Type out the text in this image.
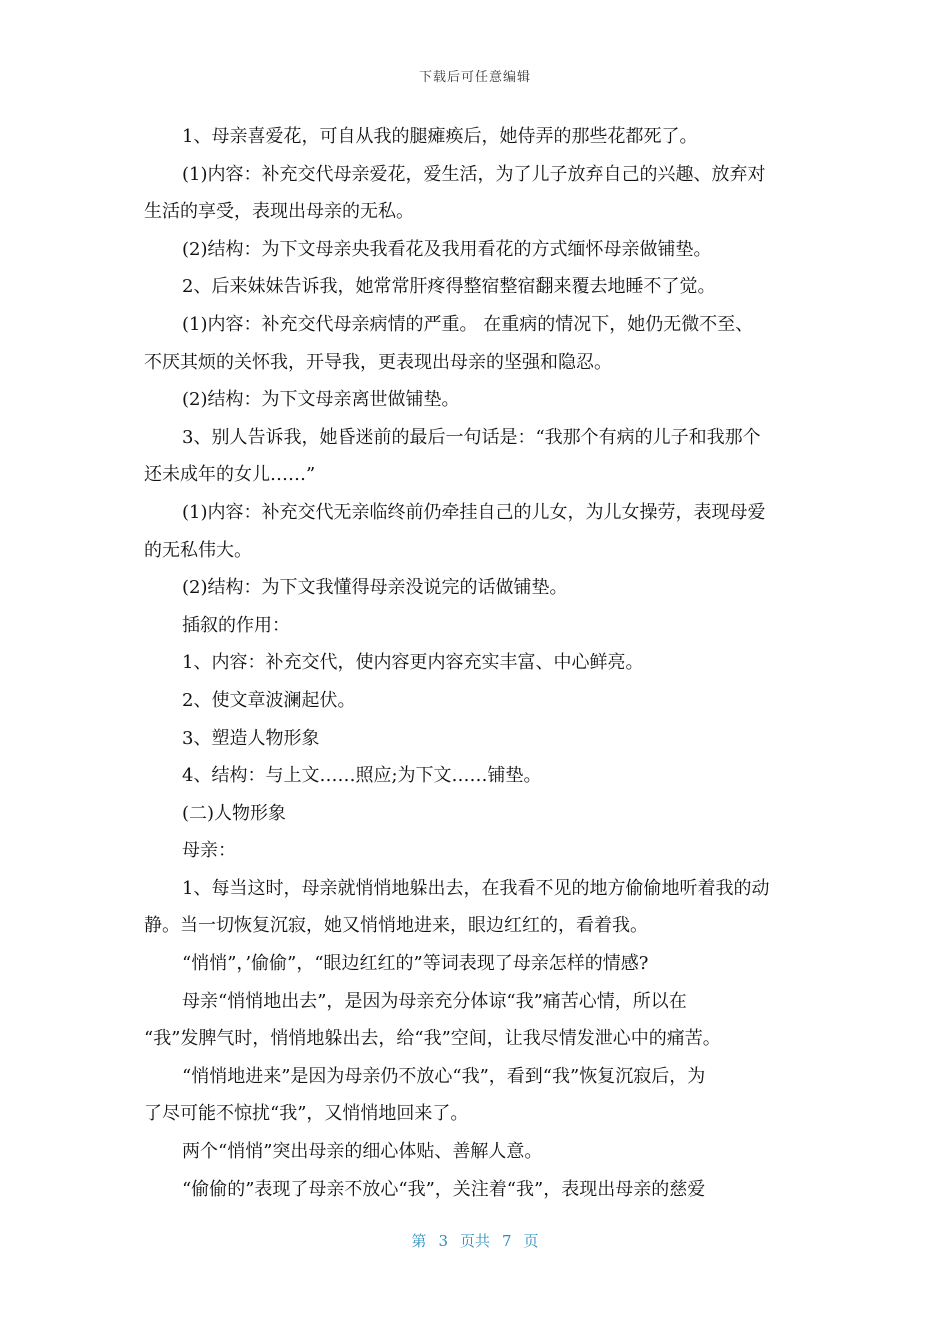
下载后可任意编辑
1、母亲喜爱花，可自从我的腿瘫痪后，她侍弄的那些花都死了。
(1)内容：补充交代母亲爱花，爱生活，为了儿子放弃自己的兴趣、放弃对
生活的享受，表现出母亲的无私。
(2)结构：为下文母亲央我看花及我用看花的方式缅怀母亲做铺垫。
2、后来妹妹告诉我，她常常肝疼得整宿整宿翻来覆去地睡不了觉。
(1)内容：补充交代母亲病情的严重。 在重病的情况下，她仍无微不至、
不厌其烦的关怀我，开导我，更表现出母亲的坚强和隐忍。
(2)结构：为下文母亲离世做铺垫。
3、别人告诉我，她昏迷前的最后一句话是：“我那个有病的儿子和我那个
还未成年的女儿……”
(1)内容：补充交代无亲临终前仍牵挂自己的儿女，为儿女操劳，表现母爱
的无私伟大。
(2)结构：为下文我懂得母亲没说完的话做铺垫。
插叙的作用：
1、内容：补充交代，使内容更内容充实丰富、中心鲜亮。
2、使文章波澜起伏。
3、塑造人物形象
4、结构：与上文……照应;为下文……铺垫。
(二)人物形象
母亲：
1、每当这时，母亲就悄悄地躲出去，在我看不见的地方偷偷地听着我的动
静。当一切恢复沉寂，她又悄悄地进来，眼边红红的，看着我。
“悄悄”，’偷偷”，“眼边红红的”等词表现了母亲怎样的情感?
母亲“悄悄地出去”，是因为母亲充分体谅“我”痛苦心情，所以在
“我”发脾气时，悄悄地躲出去，给“我”空间，让我尽情发泄心中的痛苦。
“悄悄地进来”是因为母亲仍不放心“我”，看到“我”恢复沉寂后，为
了尽可能不惊扰“我”，又悄悄地回来了。
两个“悄悄”突出母亲的细心体贴、善解人意。
“偷偷的”表现了母亲不放心“我”，关注着“我”，表现出母亲的慈爱
第 3 页共 7 页
